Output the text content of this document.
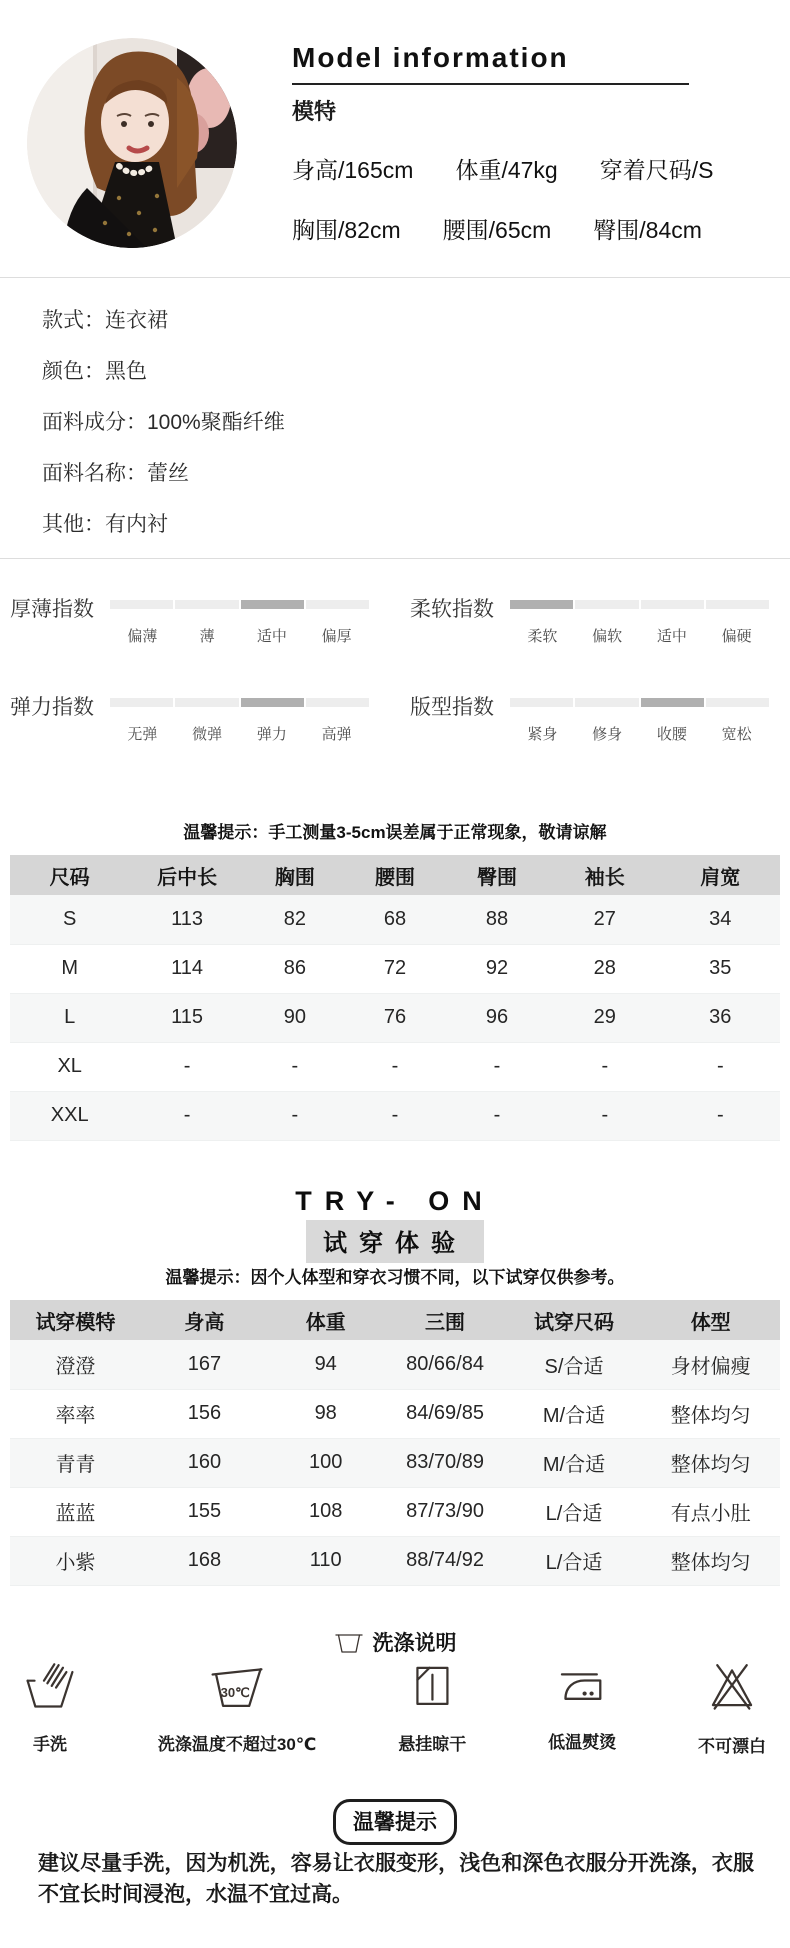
Model information
模特
身高/165cm 体重/47kg 穿着尺码/S
胸围/82cm 腰围/65cm 臀围/84cm
款式：连衣裙
颜色：黑色
面料成分：100%聚酯纤维
面料名称：蕾丝
其他：有内衬
厚薄指数
偏薄	薄	适中	偏厚
柔软指数
柔软	偏软	适中	偏硬
弹力指数
无弹	微弹	弹力	高弹
版型指数
紧身	修身	收腰	宽松
温馨提示：手工测量3-5cm误差属于正常现象，敬请谅解
尺码	后中长	胸围	腰围	臀围	袖长	肩宽
S	113	82	68	88	27	34
M	114	86	72	92	28	35
L	115	90	76	96	29	36
XL	-	-	-	-	-	-
XXL	-	-	-	-	-	-
TRY- ON
试穿体验
温馨提示：因个人体型和穿衣习惯不同，以下试穿仅供参考。
试穿模特	身高	体重	三围	试穿尺码	体型
澄澄	167	94	80/66/84	S/合适	身材偏瘦
率率	156	98	84/69/85	M/合适	整体均匀
青青	160	100	83/70/89	M/合适	整体均匀
蓝蓝	155	108	87/73/90	L/合适	有点小肚
小紫	168	110	88/74/92	L/合适	整体均匀
洗涤说明
手洗
30℃
洗涤温度不超过30℃	悬挂晾干	低温熨烫	不可漂白
温馨提示
建议尽量手洗，因为机洗，容易让衣服变形，浅色和深色衣服分开洗涤，衣服不宜长时间浸泡，水温不宜过高。
